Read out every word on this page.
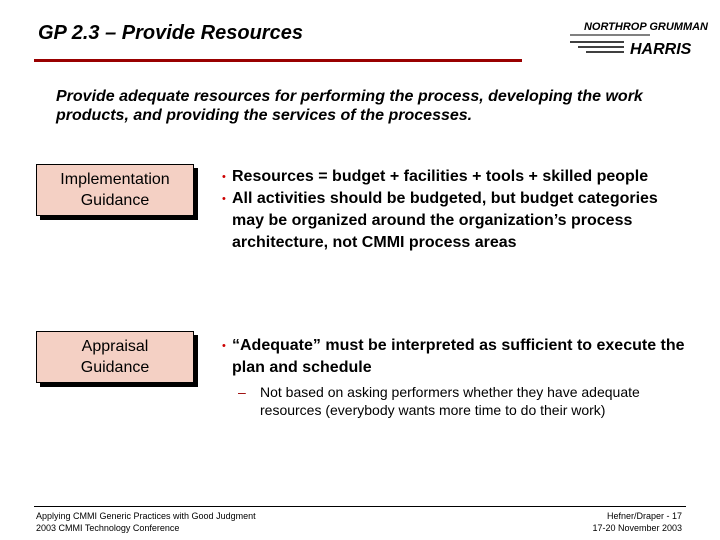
GP 2.3 – Provide Resources	NORTHROP GRUMMAN
HARRIS
Provide adequate resources for performing the process, developing the work products, and providing the services of the processes.
Implementation
Guidance
• Resources = budget + facilities + tools + skilled people
• All activities should be budgeted, but budget categories may be organized around the organization’s process architecture, not CMMI process areas
Appraisal
Guidance
• “Adequate” must be interpreted as sufficient to execute the plan and schedule
– Not based on asking performers whether they have adequate resources (everybody wants more time to do their work)
Applying CMMI Generic Practices with Good Judgment
2003 CMMI Technology Conference
Hefner/Draper - 17
17-20 November 2003
